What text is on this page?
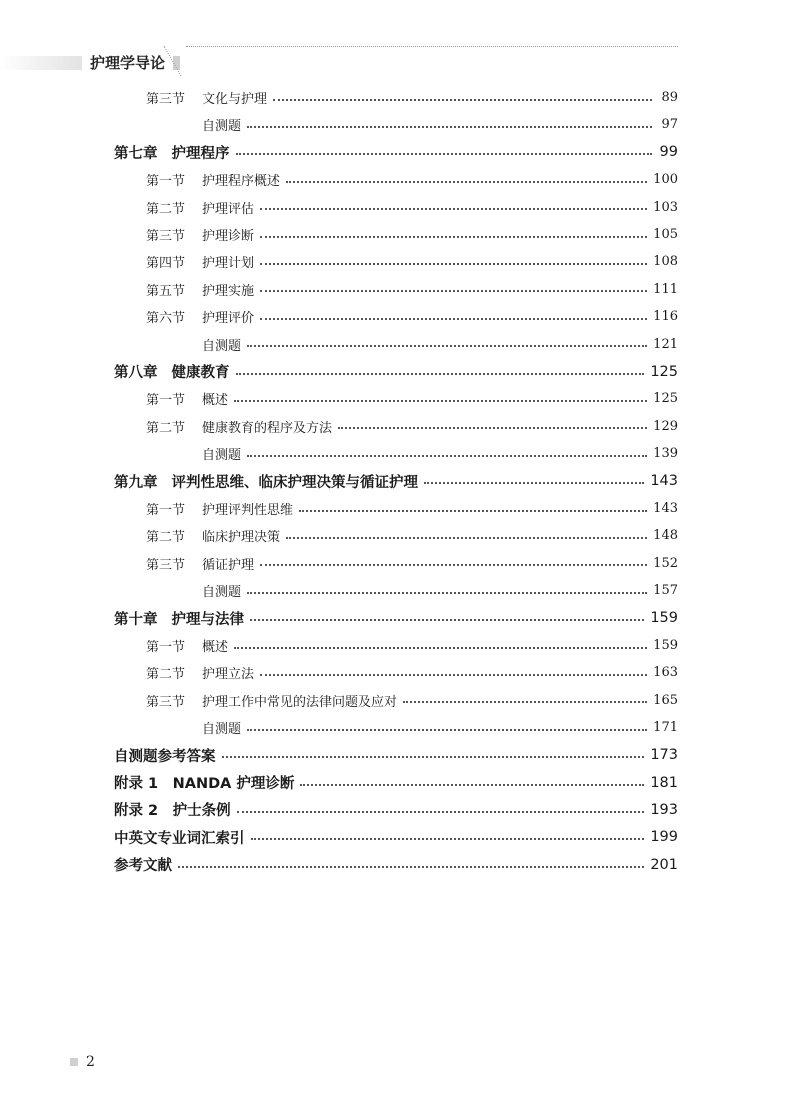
护理学导论
第三节	文化与护理	89
自测题	97
第七章 护理程序	99
第一节	护理程序概述	100
第二节	护理评估	103
第三节	护理诊断	105
第四节	护理计划	108
第五节	护理实施	111
第六节	护理评价	116
自测题	121
第八章 健康教育	125
第一节	概述	125
第二节	健康教育的程序及方法	129
自测题	139
第九章 评判性思维、临床护理决策与循证护理	143
第一节	护理评判性思维	143
第二节	临床护理决策	148
第三节	循证护理	152
自测题	157
第十章 护理与法律	159
第一节	概述	159
第二节	护理立法	163
第三节	护理工作中常见的法律问题及应对	165
自测题	171
自测题参考答案	173
附录 1　NANDA 护理诊断	181
附录 2　护士条例	193
中英文专业词汇索引	199
参考文献	201
2
